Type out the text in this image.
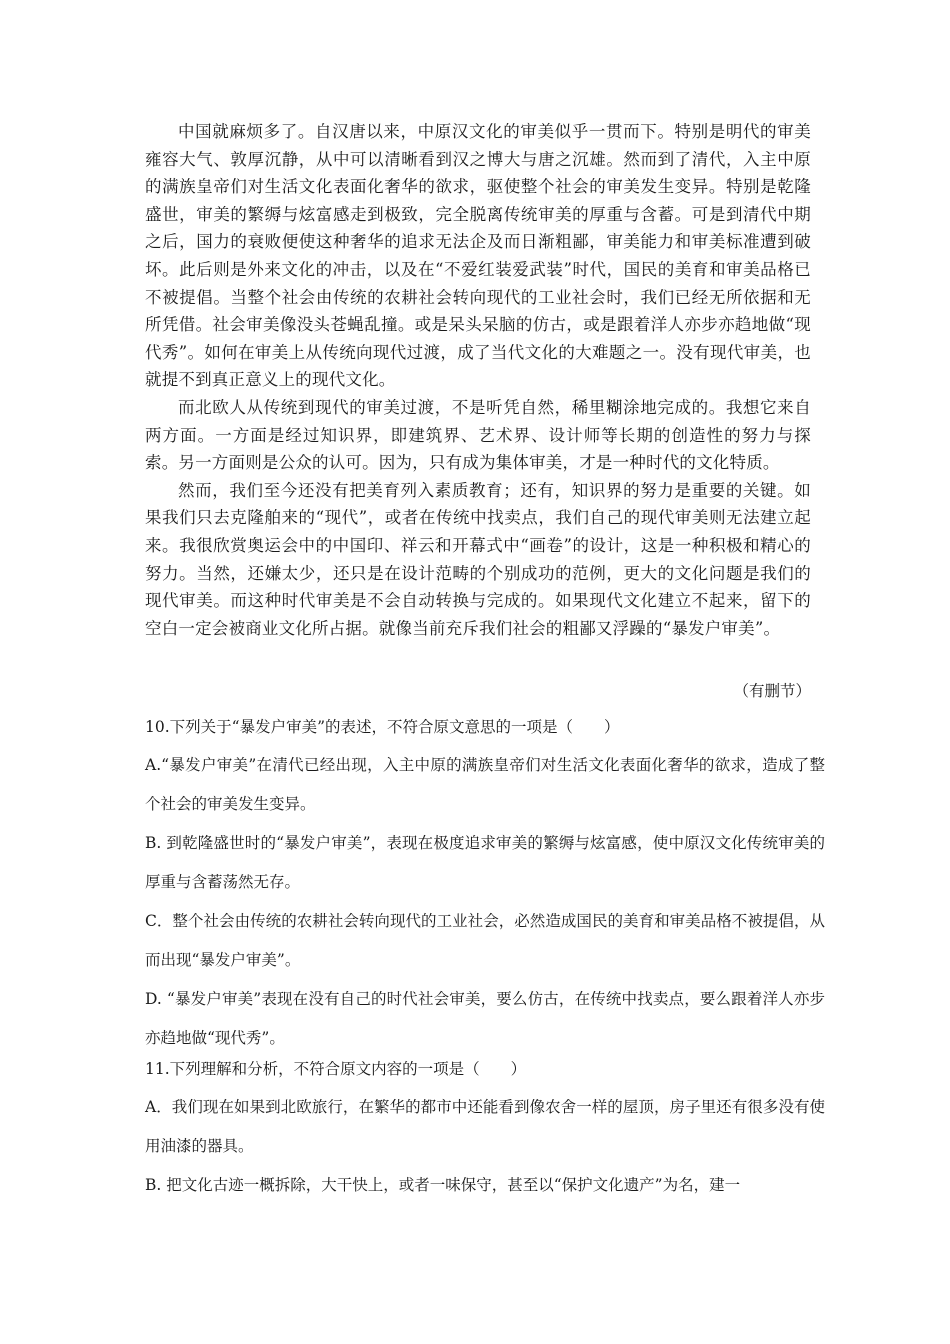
中国就麻烦多了。自汉唐以来，中原汉文化的审美似乎一贯而下。特别是明代的审美雍容大气、敦厚沉静，从中可以清晰看到汉之博大与唐之沉雄。然而到了清代，入主中原的满族皇帝们对生活文化表面化奢华的欲求，驱使整个社会的审美发生变异。特别是乾隆盛世，审美的繁缛与炫富感走到极致，完全脱离传统审美的厚重与含蓄。可是到清代中期之后，国力的衰败便使这种奢华的追求无法企及而日渐粗鄙，审美能力和审美标准遭到破坏。此后则是外来文化的冲击，以及在“不爱红装爱武装”时代，国民的美育和审美品格已不被提倡。当整个社会由传统的农耕社会转向现代的工业社会时，我们已经无所依据和无所凭借。社会审美像没头苍蝇乱撞。或是呆头呆脑的仿古，或是跟着洋人亦步亦趋地做“现代秀”。如何在审美上从传统向现代过渡，成了当代文化的大难题之一。没有现代审美，也就提不到真正意义上的现代文化。

而北欧人从传统到现代的审美过渡，不是听凭自然，稀里糊涂地完成的。我想它来自两方面。一方面是经过知识界，即建筑界、艺术界、设计师等长期的创造性的努力与探索。另一方面则是公众的认可。因为，只有成为集体审美，才是一种时代的文化特质。

然而，我们至今还没有把美育列入素质教育；还有，知识界的努力是重要的关键。如果我们只去克隆舶来的“现代”，或者在传统中找卖点，我们自己的现代审美则无法建立起来。我很欣赏奥运会中的中国印、祥云和开幕式中“画卷”的设计，这是一种积极和精心的努力。当然，还嫌太少，还只是在设计范畴的个别成功的范例，更大的文化问题是我们的现代审美。而这种时代审美是不会自动转换与完成的。如果现代文化建立不起来，留下的空白一定会被商业文化所占据。就像当前充斥我们社会的粗鄙又浮躁的“暴发户审美”。

（有删节）

10.下列关于“暴发户审美”的表述，不符合原文意思的一项是（　　）

A.“暴发户审美”在清代已经出现，入主中原的满族皇帝们对生活文化表面化奢华的欲求，造成了整个社会的审美发生变异。

B. 到乾隆盛世时的“暴发户审美”，表现在极度追求审美的繁缛与炫富感，使中原汉文化传统审美的厚重与含蓄荡然无存。

C．整个社会由传统的农耕社会转向现代的工业社会，必然造成国民的美育和审美品格不被提倡，从而出现“暴发户审美”。

D. “暴发户审美”表现在没有自己的时代社会审美，要么仿古，在传统中找卖点，要么跟着洋人亦步亦趋地做“现代秀”。

11.下列理解和分析，不符合原文内容的一项是（　　）

A．我们现在如果到北欧旅行，在繁华的都市中还能看到像农舍一样的屋顶，房子里还有很多没有使用油漆的器具。

B. 把文化古迹一概拆除，大干快上，或者一味保守，甚至以“保护文化遗产”为名，建一
